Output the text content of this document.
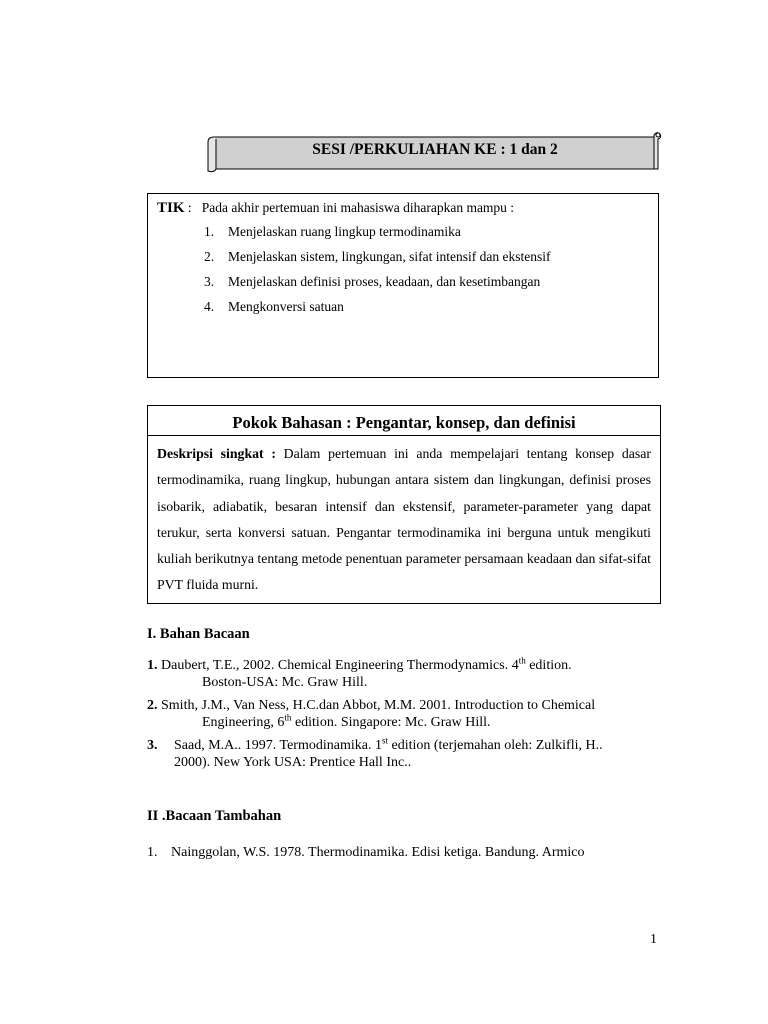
SESI /PERKULIAHAN KE : 1 dan 2
TIK : Pada akhir pertemuan ini mahasiswa diharapkan mampu :
1. Menjelaskan ruang lingkup termodinamika
2. Menjelaskan sistem, lingkungan, sifat intensif dan ekstensif
3. Menjelaskan definisi proses, keadaan, dan kesetimbangan
4. Mengkonversi satuan
Pokok Bahasan : Pengantar, konsep, dan definisi
Deskripsi singkat : Dalam pertemuan ini anda mempelajari tentang konsep dasar termodinamika, ruang lingkup, hubungan antara sistem dan lingkungan, definisi proses isobarik, adiabatik, besaran intensif dan ekstensif, parameter-parameter yang dapat terukur, serta konversi satuan. Pengantar termodinamika ini berguna untuk mengikuti kuliah berikutnya tentang metode penentuan parameter persamaan keadaan dan sifat-sifat PVT fluida murni.
I. Bahan Bacaan
1. Daubert, T.E., 2002. Chemical Engineering Thermodynamics. 4th edition.
Boston-USA: Mc. Graw Hill.
2. Smith, J.M., Van Ness, H.C.dan Abbot, M.M. 2001. Introduction to Chemical
Engineering, 6th edition. Singapore: Mc. Graw Hill.
3. Saad, M.A.. 1997. Termodinamika. 1st edition (terjemahan oleh: Zulkifli, H..
2000). New York USA: Prentice Hall Inc..
II .Bacaan Tambahan
1. Nainggolan, W.S. 1978. Thermodinamika. Edisi ketiga. Bandung. Armico
1
